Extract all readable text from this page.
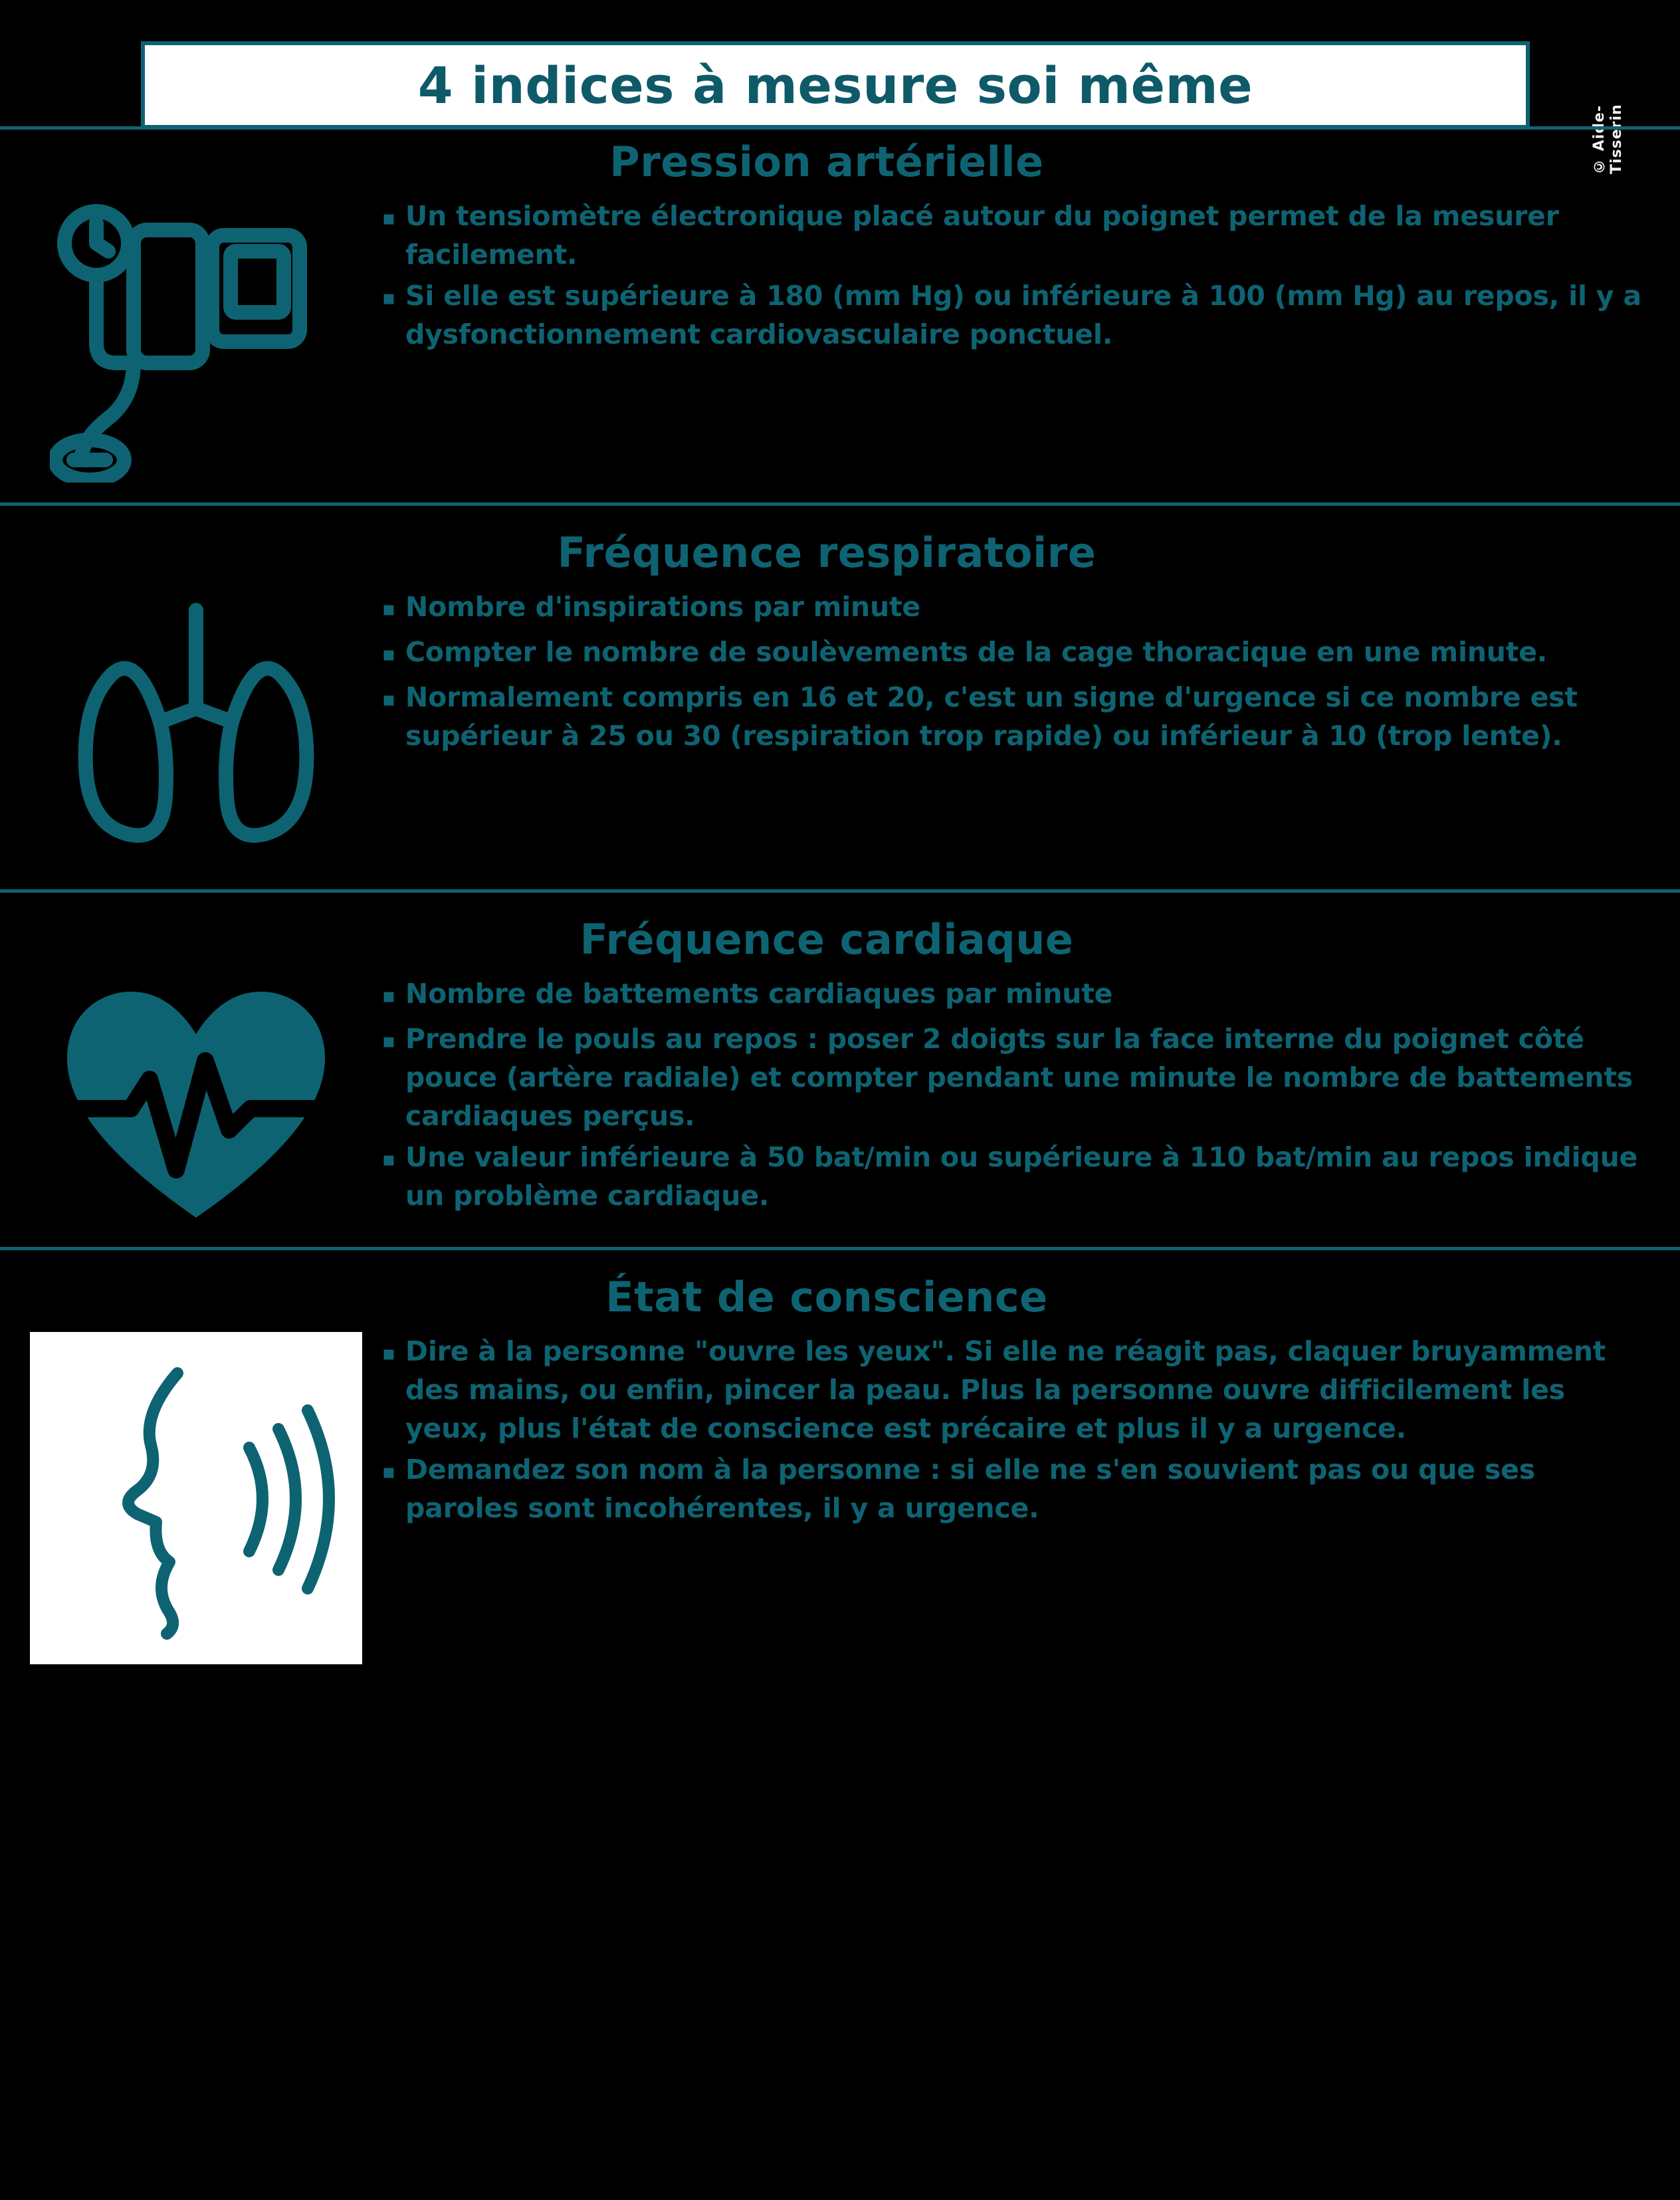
4 indices à mesure soi même
© Aide-Tisserin
Pression artérielle
▪ Un tensiomètre électronique placé autour du poignet permet de la mesurer facilement.
▪ Si elle est supérieure à 180 (mm Hg) ou inférieure à 100 (mm Hg) au repos, il y a dysfonctionnement cardiovasculaire ponctuel.
Fréquence respiratoire
▪ Nombre d'inspirations par minute
▪ Compter le nombre de soulèvements de la cage thoracique en une minute.
▪ Normalement compris en 16 et 20, c'est un signe d'urgence si ce nombre est supérieur à 25 ou 30 (respiration trop rapide) ou inférieur à 10 (trop lente).
Fréquence cardiaque
▪ Nombre de battements cardiaques par minute
▪ Prendre le pouls au repos : poser 2 doigts sur la face interne du poignet côté pouce (artère radiale) et compter pendant une minute le nombre de battements cardiaques perçus.
▪ Une valeur inférieure à 50 bat/min ou supérieure à 110 bat/min au repos indique un problème cardiaque.
État de conscience
▪ Dire à la personne "ouvre les yeux". Si elle ne réagit pas, claquer bruyamment des mains, ou enfin, pincer la peau. Plus la personne ouvre difficilement les yeux, plus l'état de conscience est précaire et plus il y a urgence.
▪ Demandez son nom à la personne : si elle ne s'en souvient pas ou que ses paroles sont incohérentes, il y a urgence.
